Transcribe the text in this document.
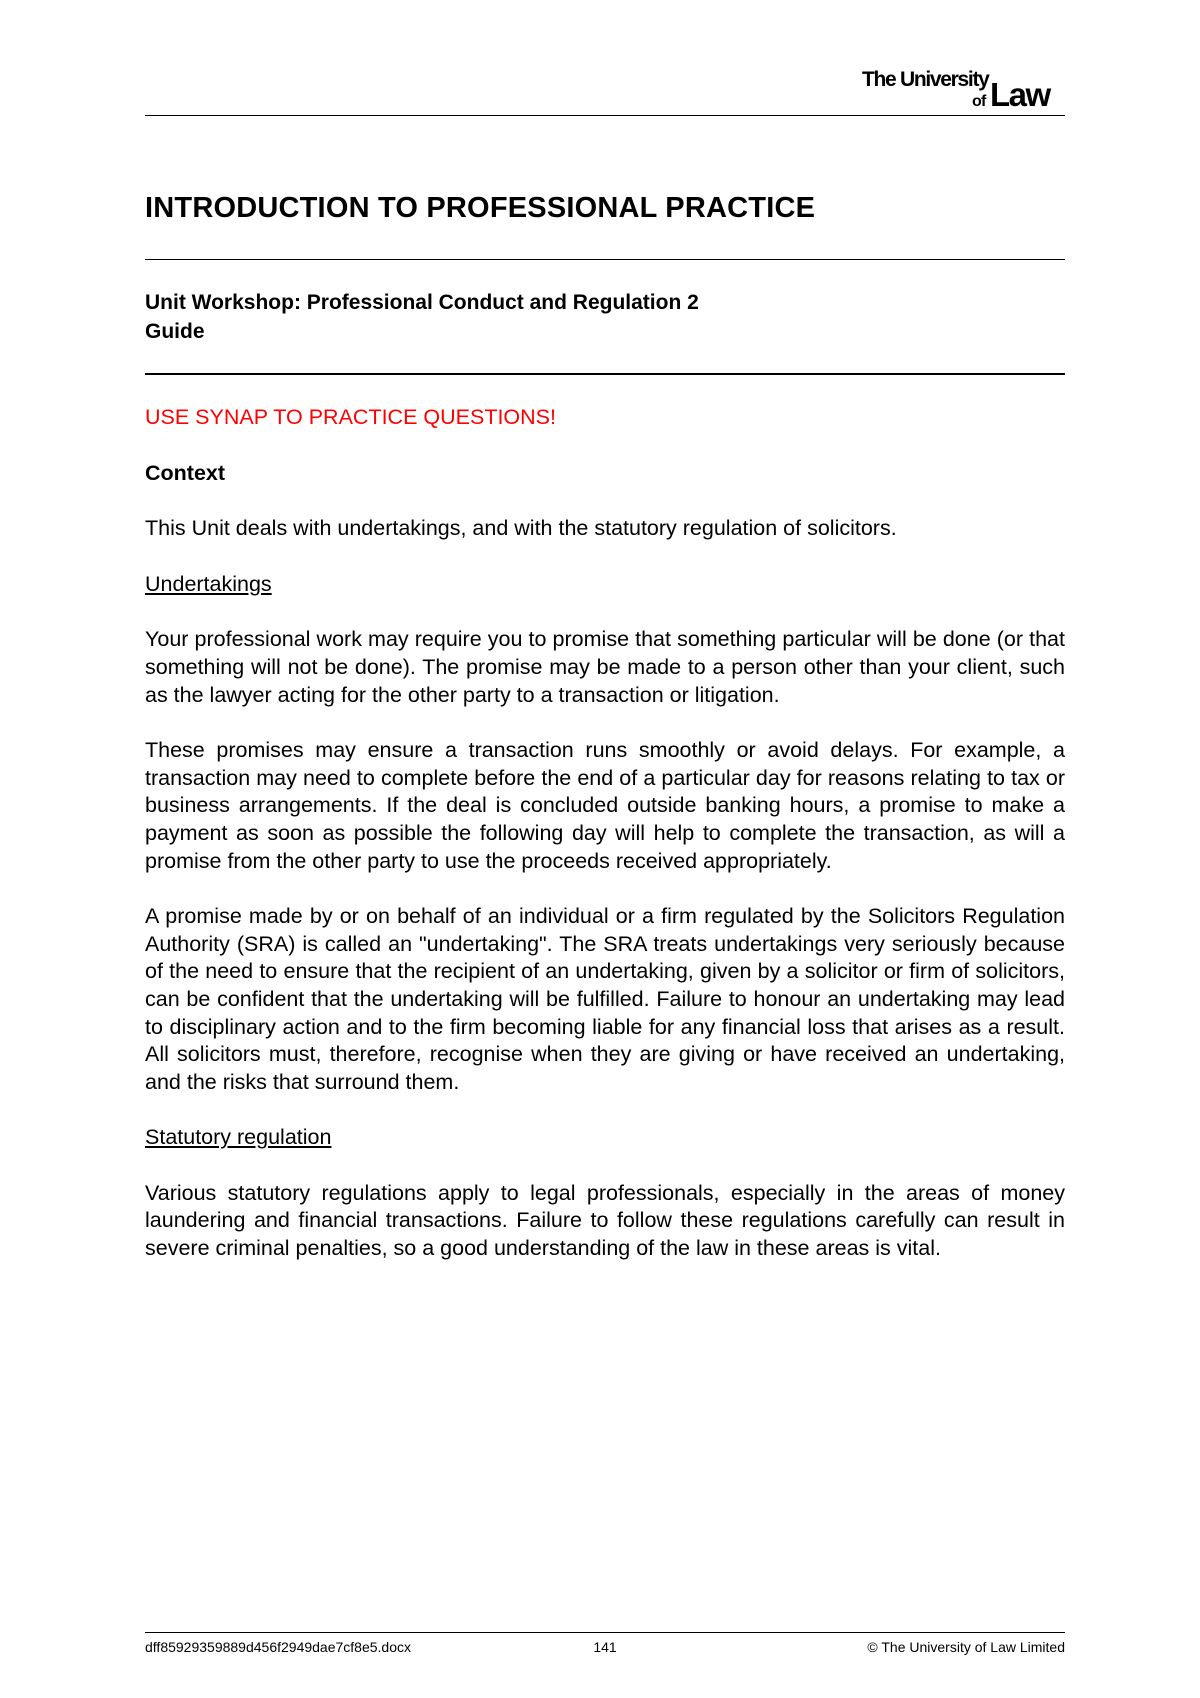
The University
of Law
INTRODUCTION TO PROFESSIONAL PRACTICE
Unit Workshop: Professional Conduct and Regulation 2
Guide

USE SYNAP TO PRACTICE QUESTIONS!

Context

This Unit deals with undertakings, and with the statutory regulation of solicitors.

Undertakings

Your professional work may require you to promise that something particular will be done (or that something will not be done). The promise may be made to a person other than your client, such as the lawyer acting for the other party to a transaction or litigation.

These promises may ensure a transaction runs smoothly or avoid delays. For example, a transaction may need to complete before the end of a particular day for reasons relating to tax or business arrangements. If the deal is concluded outside banking hours, a promise to make a payment as soon as possible the following day will help to complete the transaction, as will a promise from the other party to use the proceeds received appropriately.

A promise made by or on behalf of an individual or a firm regulated by the Solicitors Regulation Authority (SRA) is called an "undertaking". The SRA treats undertakings very seriously because of the need to ensure that the recipient of an undertaking, given by a solicitor or firm of solicitors, can be confident that the undertaking will be fulfilled. Failure to honour an undertaking may lead to disciplinary action and to the firm becoming liable for any financial loss that arises as a result. All solicitors must, therefore, recognise when they are giving or have received an undertaking, and the risks that surround them.

Statutory regulation

Various statutory regulations apply to legal professionals, especially in the areas of money laundering and financial transactions. Failure to follow these regulations carefully can result in severe criminal penalties, so a good understanding of the law in these areas is vital.

dff85929359889d456f2949dae7cf8e5.docx	141	© The University of Law Limited
